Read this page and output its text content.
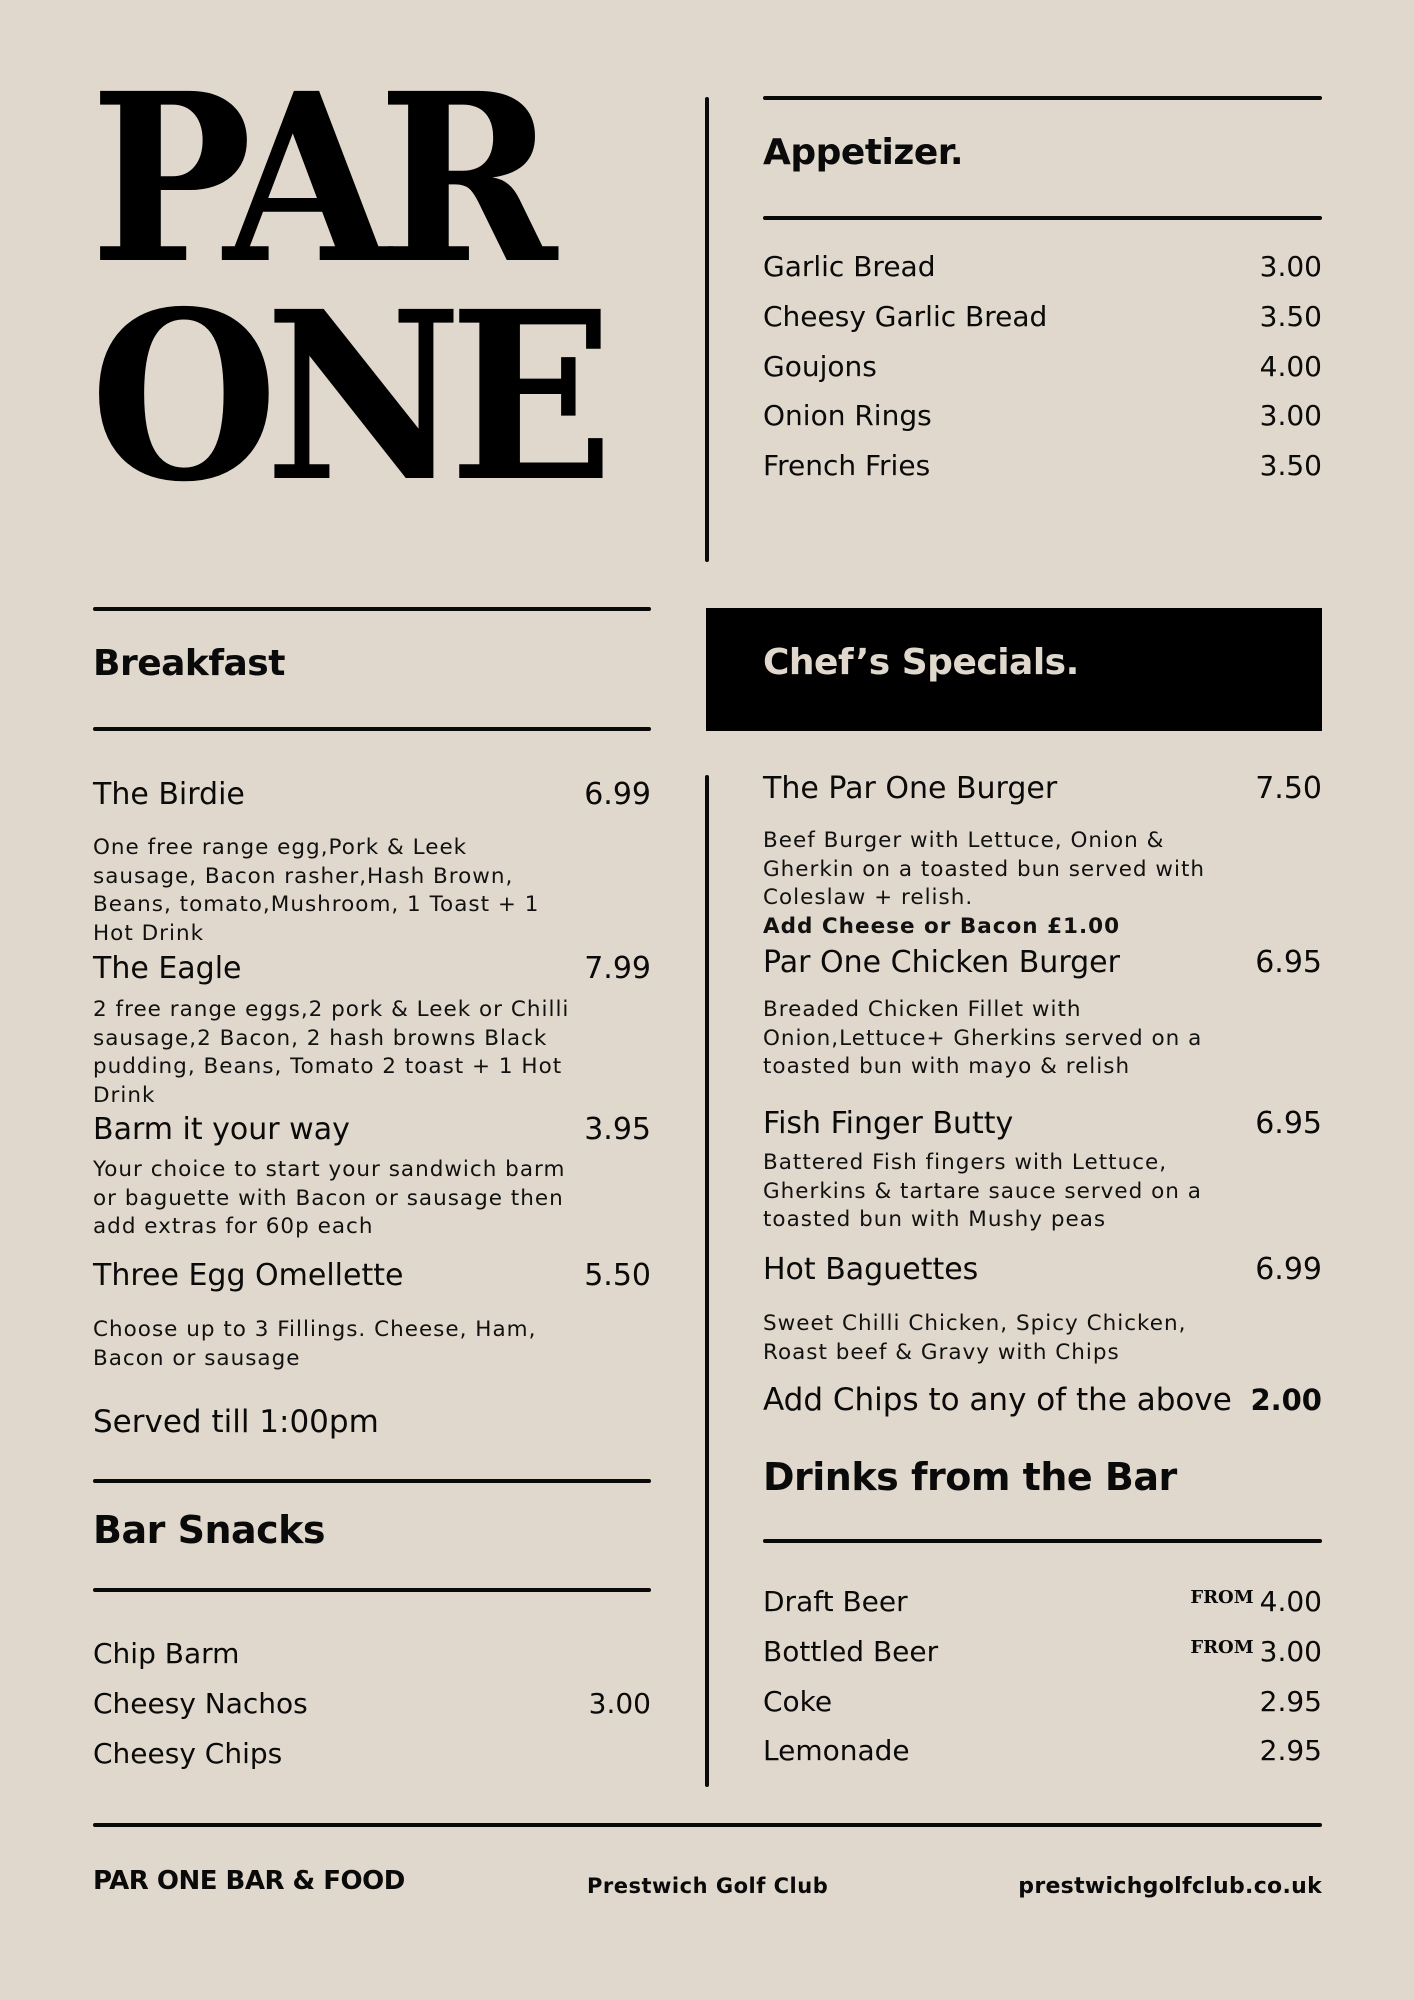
PAR
ONE
Appetizer.
Garlic Bread	3.00
Cheesy Garlic Bread	3.50
Goujons	4.00
Onion Rings	3.00
French Fries	3.50
Breakfast
The Birdie	6.99
One free range egg,Pork & Leek sausage, Bacon rasher,Hash Brown, Beans, tomato,Mushroom, 1 Toast + 1 Hot Drink
The Eagle	7.99
2 free range eggs,2 pork & Leek or Chilli sausage,2 Bacon, 2 hash browns Black pudding, Beans, Tomato 2 toast + 1 Hot Drink
Barm it your way	3.95
Your choice to start your sandwich barm or baguette with Bacon or sausage then add extras for 60p each
Three Egg Omellette	5.50
Choose up to 3 Fillings. Cheese, Ham, Bacon or sausage
Served till 1:00pm
Bar Snacks
Chip Barm
Cheesy Nachos	3.00
Cheesy Chips
Chef’s Specials.
The Par One Burger	7.50
Beef Burger with Lettuce, Onion & Gherkin on a toasted bun served with Coleslaw + relish.
Add Cheese or Bacon £1.00
Par One Chicken Burger	6.95
Breaded Chicken Fillet with Onion,Lettuce+ Gherkins served on a toasted bun with mayo & relish
Fish Finger Butty	6.95
Battered Fish fingers with Lettuce, Gherkins & tartare sauce served on a toasted bun with Mushy peas
Hot Baguettes	6.99
Sweet Chilli Chicken, Spicy Chicken, Roast beef & Gravy with Chips
Add Chips to any of the above 2.00
Drinks from the Bar
Draft Beer	$^{FROM}$ 4.00
Bottled Beer	$^{FROM}$ 3.00
Coke	2.95
Lemonade	2.95
PAR ONE BAR & FOOD	Prestwich Golf Club	prestwichgolfclub.co.uk
